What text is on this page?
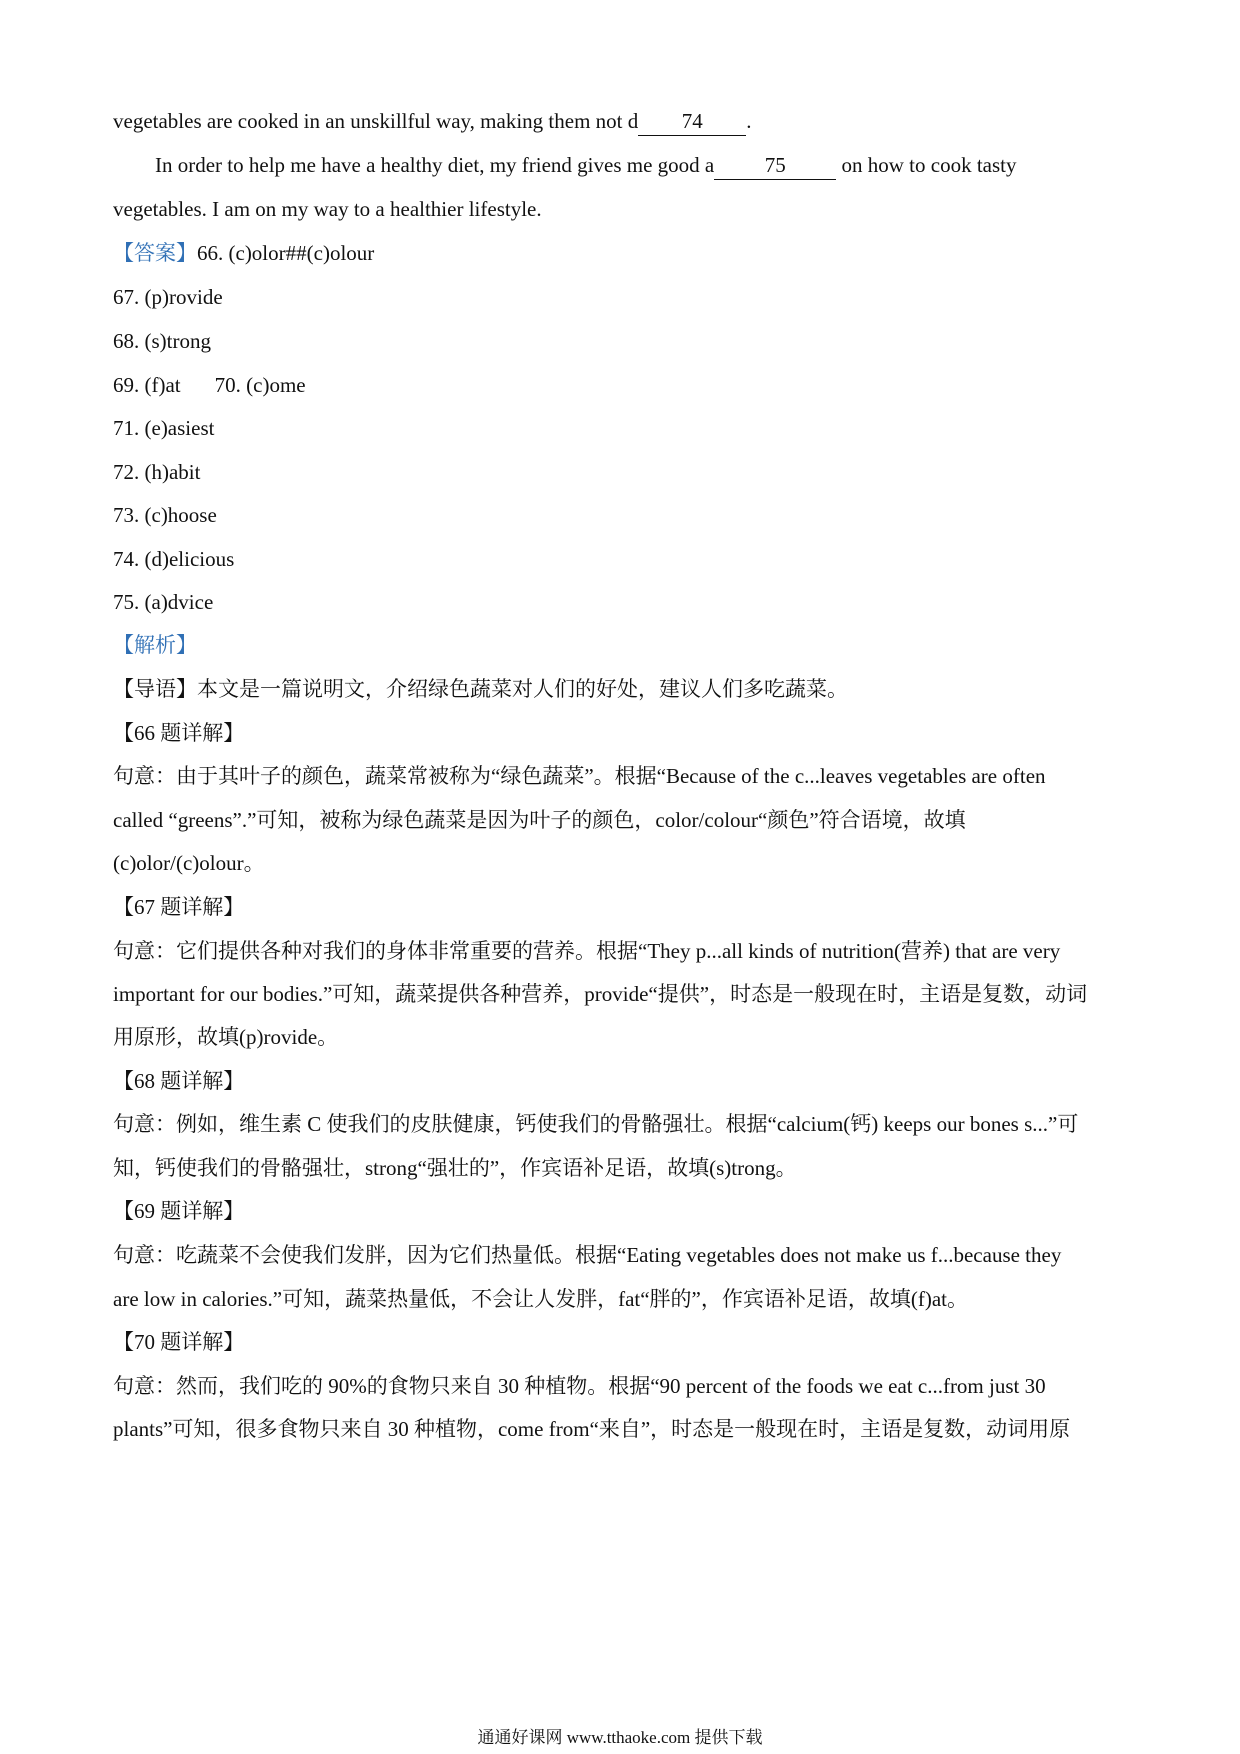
vegetables are cooked in an unskillful way, making them not d 74 .
In order to help me have a healthy diet, my friend gives me good a 75 on how to cook tasty
vegetables. I am on my way to a healthier lifestyle.
【答案】66. (c)olor##(c)olour
67. (p)rovide
68. (s)trong
69. (f)at 70. (c)ome
71. (e)asiest
72. (h)abit
73. (c)hoose
74. (d)elicious
75. (a)dvice
【解析】
【导语】本文是一篇说明文，介绍绿色蔬菜对人们的好处，建议人们多吃蔬菜。
【66 题详解】
句意：由于其叶子的颜色，蔬菜常被称为“绿色蔬菜”。根据“Because of the c...leaves vegetables are often
called “greens”.”可知，被称为绿色蔬菜是因为叶子的颜色，color/colour“颜色”符合语境，故填
(c)olor/(c)olour。
【67 题详解】
句意：它们提供各种对我们的身体非常重要的营养。根据“They p...all kinds of nutrition(营养) that are very
important for our bodies.”可知，蔬菜提供各种营养，provide“提供”，时态是一般现在时，主语是复数，动词
用原形，故填(p)rovide。
【68 题详解】
句意：例如，维生素 C 使我们的皮肤健康，钙使我们的骨骼强壮。根据“calcium(钙) keeps our bones s...”可
知，钙使我们的骨骼强壮，strong“强壮的”，作宾语补足语，故填(s)trong。
【69 题详解】
句意：吃蔬菜不会使我们发胖，因为它们热量低。根据“Eating vegetables does not make us f...because they
are low in calories.”可知，蔬菜热量低，不会让人发胖，fat“胖的”，作宾语补足语，故填(f)at。
【70 题详解】
句意：然而，我们吃的 90%的食物只来自 30 种植物。根据“90 percent of the foods we eat c...from just 30
plants”可知，很多食物只来自 30 种植物，come from“来自”，时态是一般现在时，主语是复数，动词用原
通通好课网 www.tthaoke.com 提供下载
